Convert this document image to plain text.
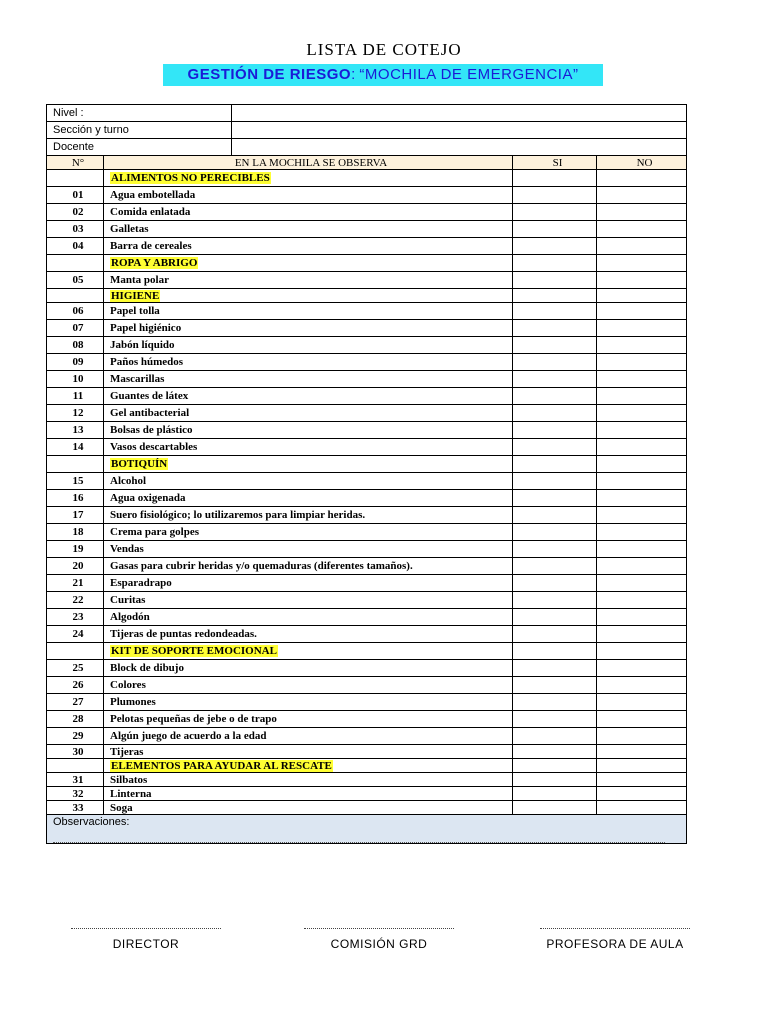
LISTA DE COTEJO
GESTIÓN DE RIESGO: “MOCHILA DE EMERGENCIA”
Nivel :				
Sección y turno				
Docente				
N°	EN LA MOCHILA SE OBSERVA		SI	NO
	ALIMENTOS NO PERECIBLES			
01	Agua embotellada			
02	Comida enlatada			
03	Galletas			
04	Barra de cereales			
	ROPA Y ABRIGO			
05	Manta polar			
	HIGIENE			
06	Papel tolla			
07	Papel higiénico			
08	Jabón líquido			
09	Paños húmedos			
10	Mascarillas			
11	Guantes de látex			
12	Gel antibacterial			
13	Bolsas de plástico			
14	Vasos descartables			
	BOTIQUÍN			
15	Alcohol			
16	Agua oxigenada			
17	Suero fisiológico; lo utilizaremos para limpiar heridas.			
18	Crema para golpes			
19	Vendas			
20	Gasas para cubrir heridas y/o quemaduras (diferentes tamaños).			
21	Esparadrapo			
22	Curitas			
23	Algodón			
24	Tijeras de puntas redondeadas.			
	KIT DE SOPORTE EMOCIONAL			
25	Block de dibujo			
26	Colores			
27	Plumones			
28	Pelotas pequeñas de jebe o de trapo			
29	Algún juego de acuerdo a la edad			
30	Tijeras			
	ELEMENTOS PARA AYUDAR AL RESCATE			
31	Silbatos			
32	Linterna			
33	Soga			

Observaciones:				
DIRECTOR	COMISIÓN GRD	PROFESORA DE AULA
